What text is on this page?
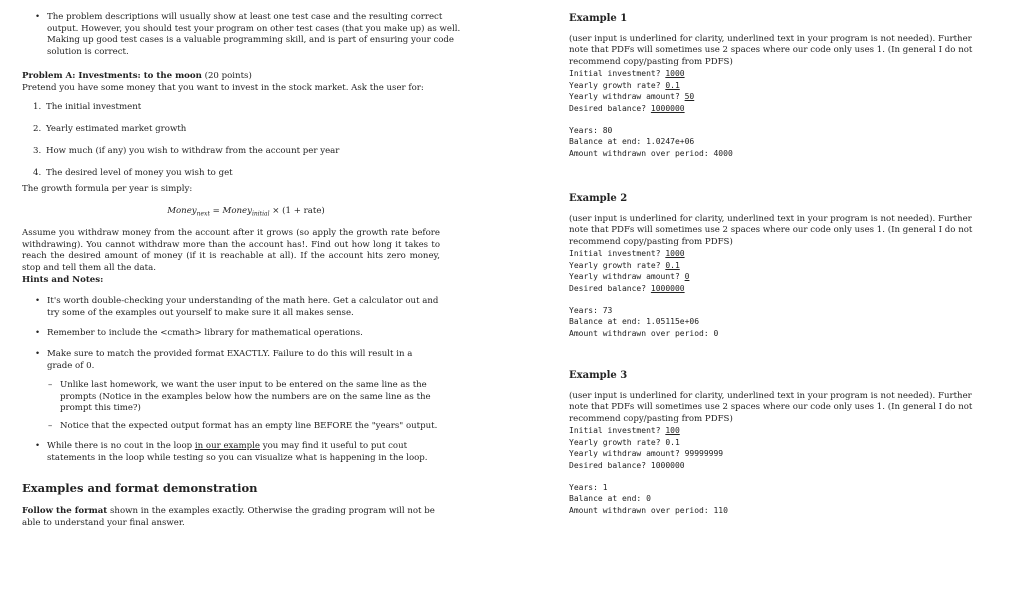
• The problem descriptions will usually show at least one test case and the resulting correct output. However, you should test your program on other test cases (that you make up) as well. Making up good test cases is a valuable programming skill, and is part of ensuring your code solution is correct.

Problem A: Investments: to the moon (20 points)

Pretend you have some money that you want to invest in the stock market. Ask the user for:

1. The initial investment
2. Yearly estimated market growth
3. How much (if any) you wish to withdraw from the account per year
4. The desired level of money you wish to get

The growth formula per year is simply:

Money$_{next}$ = Money$_{initial}$ × (1 + rate)

Assume you withdraw money from the account after it grows (so apply the growth rate before withdrawing). You cannot withdraw more than the account has!. Find out how long it takes to reach the desired amount of money (if it is reachable at all). If the account hits zero money, stop and tell them all the data.

Hints and Notes:

• It's worth double-checking your understanding of the math here. Get a calculator out and try some of the examples out yourself to make sure it all makes sense.

• Remember to include the <cmath> library for mathematical operations.

• Make sure to match the provided format EXACTLY. Failure to do this will result in a grade of 0.

– Unlike last homework, we want the user input to be entered on the same line as the prompts (Notice in the examples below how the numbers are on the same line as the prompt this time?)

– Notice that the expected output format has an empty line BEFORE the "years" output.

• While there is no cout in the loop in our example you may find it useful to put cout statements in the loop while testing so you can visualize what is happening in the loop.

Examples and format demonstration

Follow the format shown in the examples exactly. Otherwise the grading program will not be able to understand your final answer.

Example 1

(user input is underlined for clarity, underlined text in your program is not needed). Further note that PDFs will sometimes use 2 spaces where our code only uses 1. (In general I do not recommend copy/pasting from PDFS)

Initial investment? 1000
Yearly growth rate? 0.1
Yearly withdraw amount? 50
Desired balance? 1000000
Years: 80
Balance at end: 1.0247e+06
Amount withdrawn over period: 4000

Example 2

(user input is underlined for clarity, underlined text in your program is not needed). Further note that PDFs will sometimes use 2 spaces where our code only uses 1. (In general I do not recommend copy/pasting from PDFS)

Initial investment? 1000
Yearly growth rate? 0.1
Yearly withdraw amount? 0
Desired balance? 1000000
Years: 73
Balance at end: 1.05115e+06
Amount withdrawn over period: 0

Example 3

(user input is underlined for clarity, underlined text in your program is not needed). Further note that PDFs will sometimes use 2 spaces where our code only uses 1. (In general I do not recommend copy/pasting from PDFS)

Initial investment? 100
Yearly growth rate? 0.1
Yearly withdraw amount? 99999999
Desired balance? 1000000
Years: 1
Balance at end: 0
Amount withdrawn over period: 110
